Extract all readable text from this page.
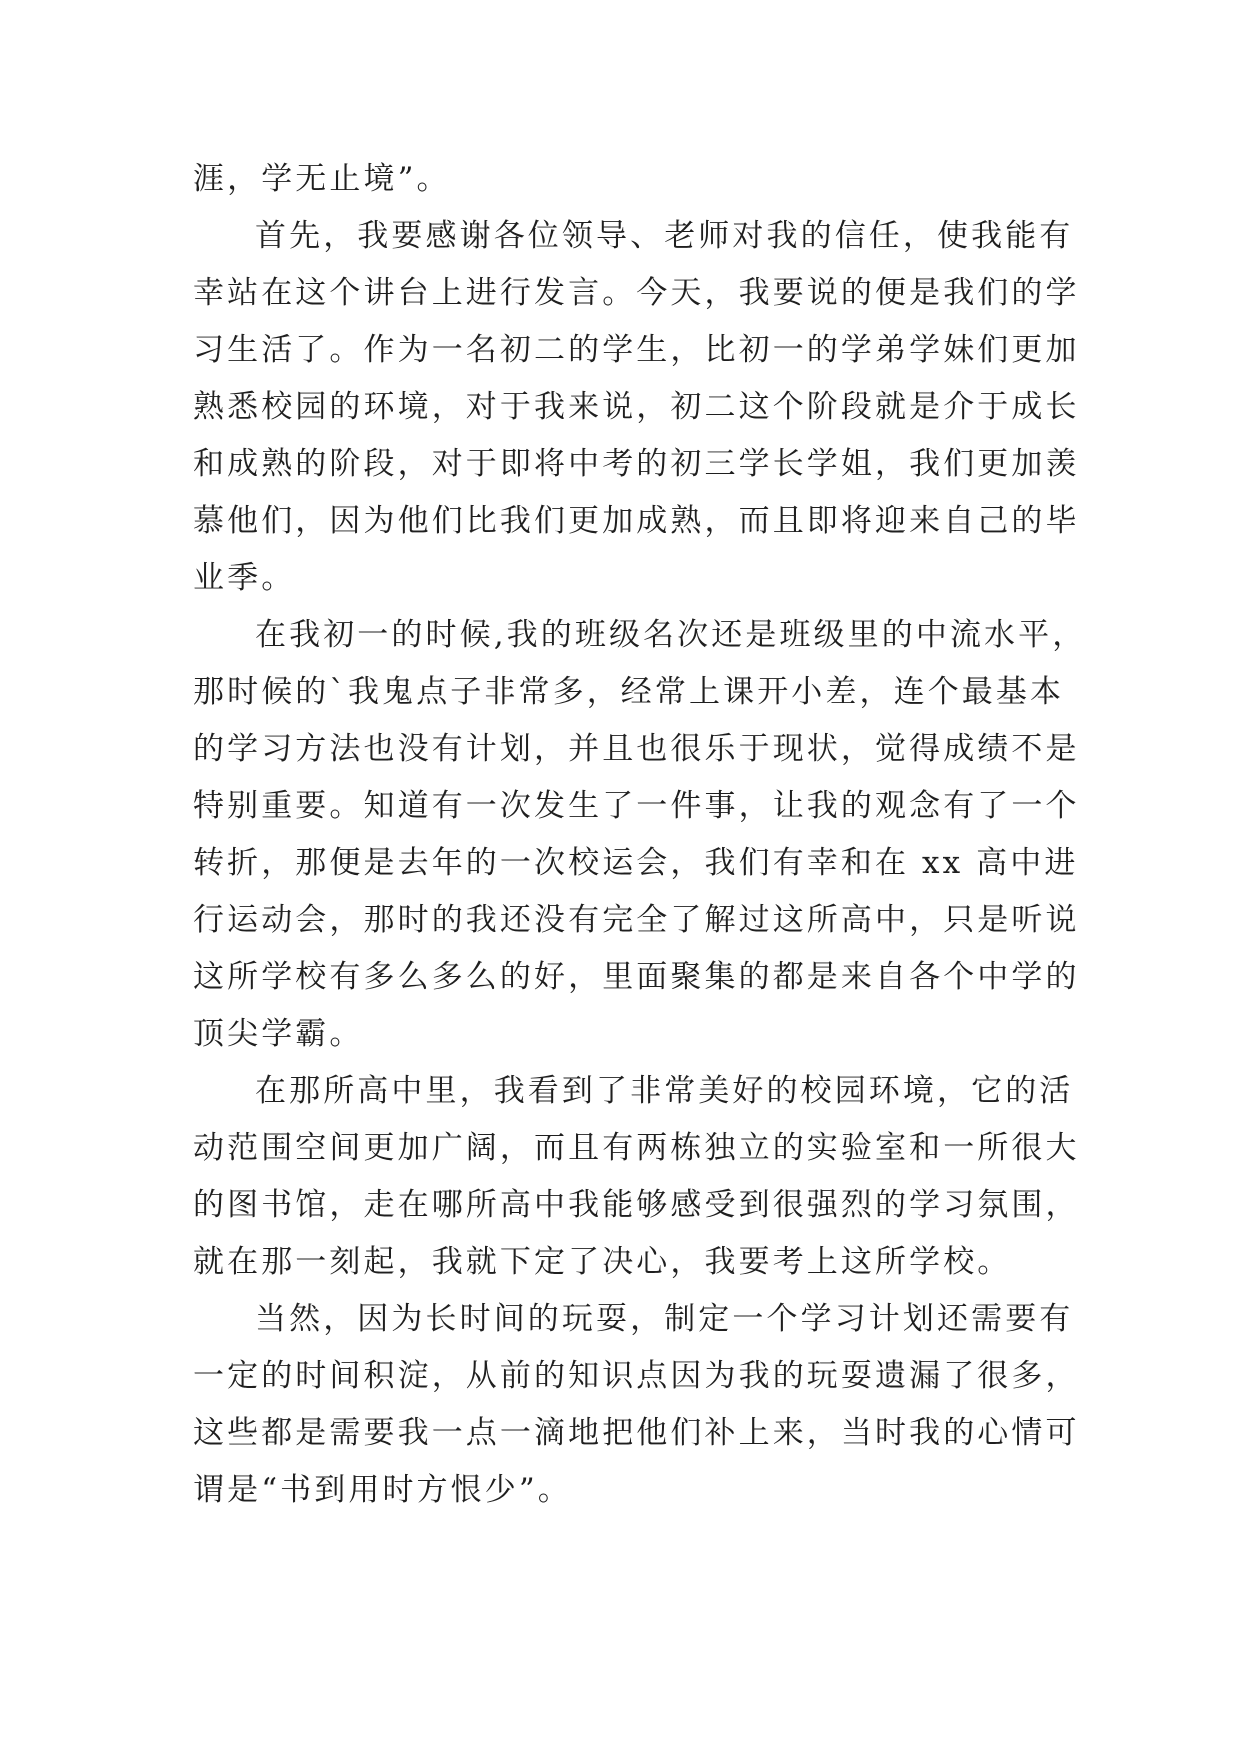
涯，学无止境”。
首先，我要感谢各位领导、老师对我的信任，使我能有
幸站在这个讲台上进行发言。今天，我要说的便是我们的学
习生活了。作为一名初二的学生，比初一的学弟学妹们更加
熟悉校园的环境，对于我来说，初二这个阶段就是介于成长
和成熟的阶段，对于即将中考的初三学长学姐，我们更加羡
慕他们，因为他们比我们更加成熟，而且即将迎来自己的毕
业季。
在我初一的时候,我的班级名次还是班级里的中流水平，
那时候的`我鬼点子非常多，经常上课开小差，连个最基本
的学习方法也没有计划，并且也很乐于现状，觉得成绩不是
特别重要。知道有一次发生了一件事，让我的观念有了一个
转折，那便是去年的一次校运会，我们有幸和在 xx 高中进
行运动会，那时的我还没有完全了解过这所高中，只是听说
这所学校有多么多么的好，里面聚集的都是来自各个中学的
顶尖学霸。
在那所高中里，我看到了非常美好的校园环境，它的活
动范围空间更加广阔，而且有两栋独立的实验室和一所很大
的图书馆，走在哪所高中我能够感受到很强烈的学习氛围，
就在那一刻起，我就下定了决心，我要考上这所学校。
当然，因为长时间的玩耍，制定一个学习计划还需要有
一定的时间积淀，从前的知识点因为我的玩耍遗漏了很多，
这些都是需要我一点一滴地把他们补上来，当时我的心情可
谓是“书到用时方恨少”。
